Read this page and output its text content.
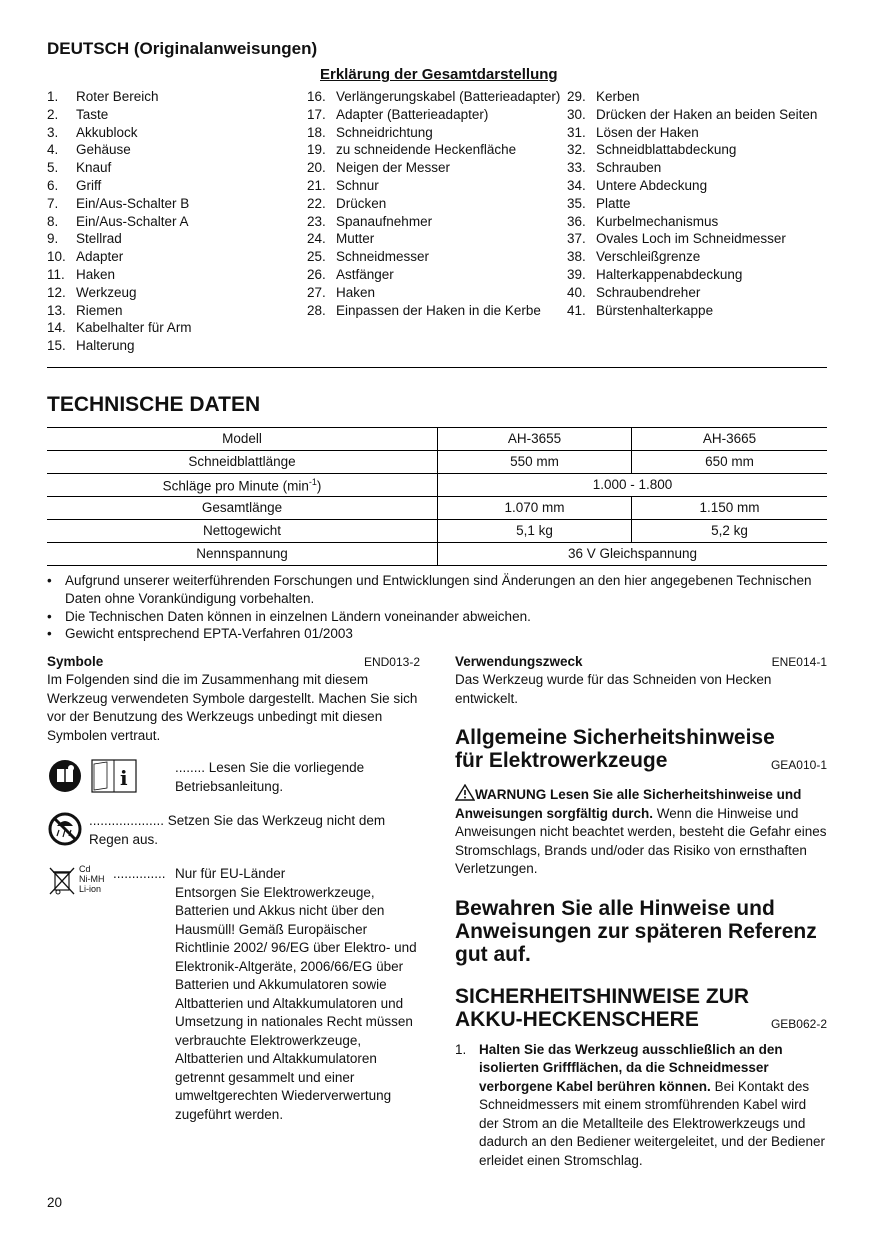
DEUTSCH (Originalanweisungen)
Erklärung der Gesamtdarstellung
1.	Roter Bereich
2.	Taste
3.	Akkublock
4.	Gehäuse
5.	Knauf
6.	Griff
7.	Ein/Aus-Schalter B
8.	Ein/Aus-Schalter A
9.	Stellrad
10. Adapter
11. Haken
12. Werkzeug
13. Riemen
14. Kabelhalter für Arm
15. Halterung
16. Verlängerungskabel (Batterieadapter)
17. Adapter (Batterieadapter)
18. Schneidrichtung
19. zu schneidende Heckenfläche
20. Neigen der Messer
21. Schnur
22. Drücken
23. Spanaufnehmer
24. Mutter
25. Schneidmesser
26. Astfänger
27. Haken
28. Einpassen der Haken in die Kerbe
29. Kerben
30. Drücken der Haken an beiden Seiten
31. Lösen der Haken
32. Schneidblattabdeckung
33. Schrauben
34. Untere Abdeckung
35. Platte
36. Kurbelmechanismus
37. Ovales Loch im Schneidmesser
38. Verschleißgrenze
39. Halterkappenabdeckung
40. Schraubendreher
41. Bürstenhalterkappe
TECHNISCHE DATEN
Modell	AH-3655	AH-3665
Schneidblattlänge	550 mm	650 mm
Schläge pro Minute $(\min^{-1})$	1.000 - 1.800	
Gesamtlänge	1.070 mm	1.150 mm
Nettogewicht	5,1 kg	5,2 kg
Nennspannung	36 V Gleichspannung	
• Aufgrund unserer weiterführenden Forschungen und Entwicklungen sind Änderungen an den hier angegebenen Technischen Daten ohne Vorankündigung vorbehalten.
• Die Technischen Daten können in einzelnen Ländern voneinander abweichen.
• Gewicht entsprechend EPTA-Verfahren 01/2003
Symbole	END013-2

Im Folgenden sind die im Zusammenhang mit diesem Werkzeug verwendeten Symbole dargestellt. Machen Sie sich vor der Benutzung des Werkzeugs unbedingt mit diesen Symbolen vertraut.

i	........ Lesen Sie die vorliegende Betriebsanleitung.
.................... Setzen Sie das Werkzeug nicht dem Regen aus.
Cd
Ni-MH
Li-ion
.............. Nur für EU-Länder

Entsorgen Sie Elektrowerkzeuge, Batterien und Akkus nicht über den Hausmüll! Gemäß Europäischer Richtlinie 2002/ 96/EG über Elektro- und Elektronik-Altgeräte, 2006/66/EG über Batterien und Akkumulatoren sowie Altbatterien und Altakkumulatoren und Umsetzung in nationales Recht müssen verbrauchte Elektrowerkzeuge, Altbatterien und Altakkumulatoren getrennt gesammelt und einer umweltgerechten Wiederverwertung zugeführt werden.

Verwendungszweck	ENE014-1

Das Werkzeug wurde für das Schneiden von Hecken entwickelt.

Allgemeine Sicherheitshinweise
für Elektrowerkzeuge	GEA010-1

WARNUNG Lesen Sie alle Sicherheitshinweise und Anweisungen sorgfältig durch. Wenn die Hinweise und Anweisungen nicht beachtet werden, besteht die Gefahr eines Stromschlags, Brands und/oder das Risiko von ernsthaften Verletzungen.

Bewahren Sie alle Hinweise und Anweisungen zur späteren Referenz gut auf.
SICHERHEITSHINWEISE ZUR
AKKU-HECKENSCHERE	GEB062-2
1. Halten Sie das Werkzeug ausschließlich an den isolierten Griffflächen, da die Schneidmesser verborgene Kabel berühren können. Bei Kontakt des Schneidmessers mit einem stromführenden Kabel wird der Strom an die Metallteile des Elektrowerkzeugs und dadurch an den Bediener weitergeleitet, und der Bediener erleidet einen Stromschlag.

20
